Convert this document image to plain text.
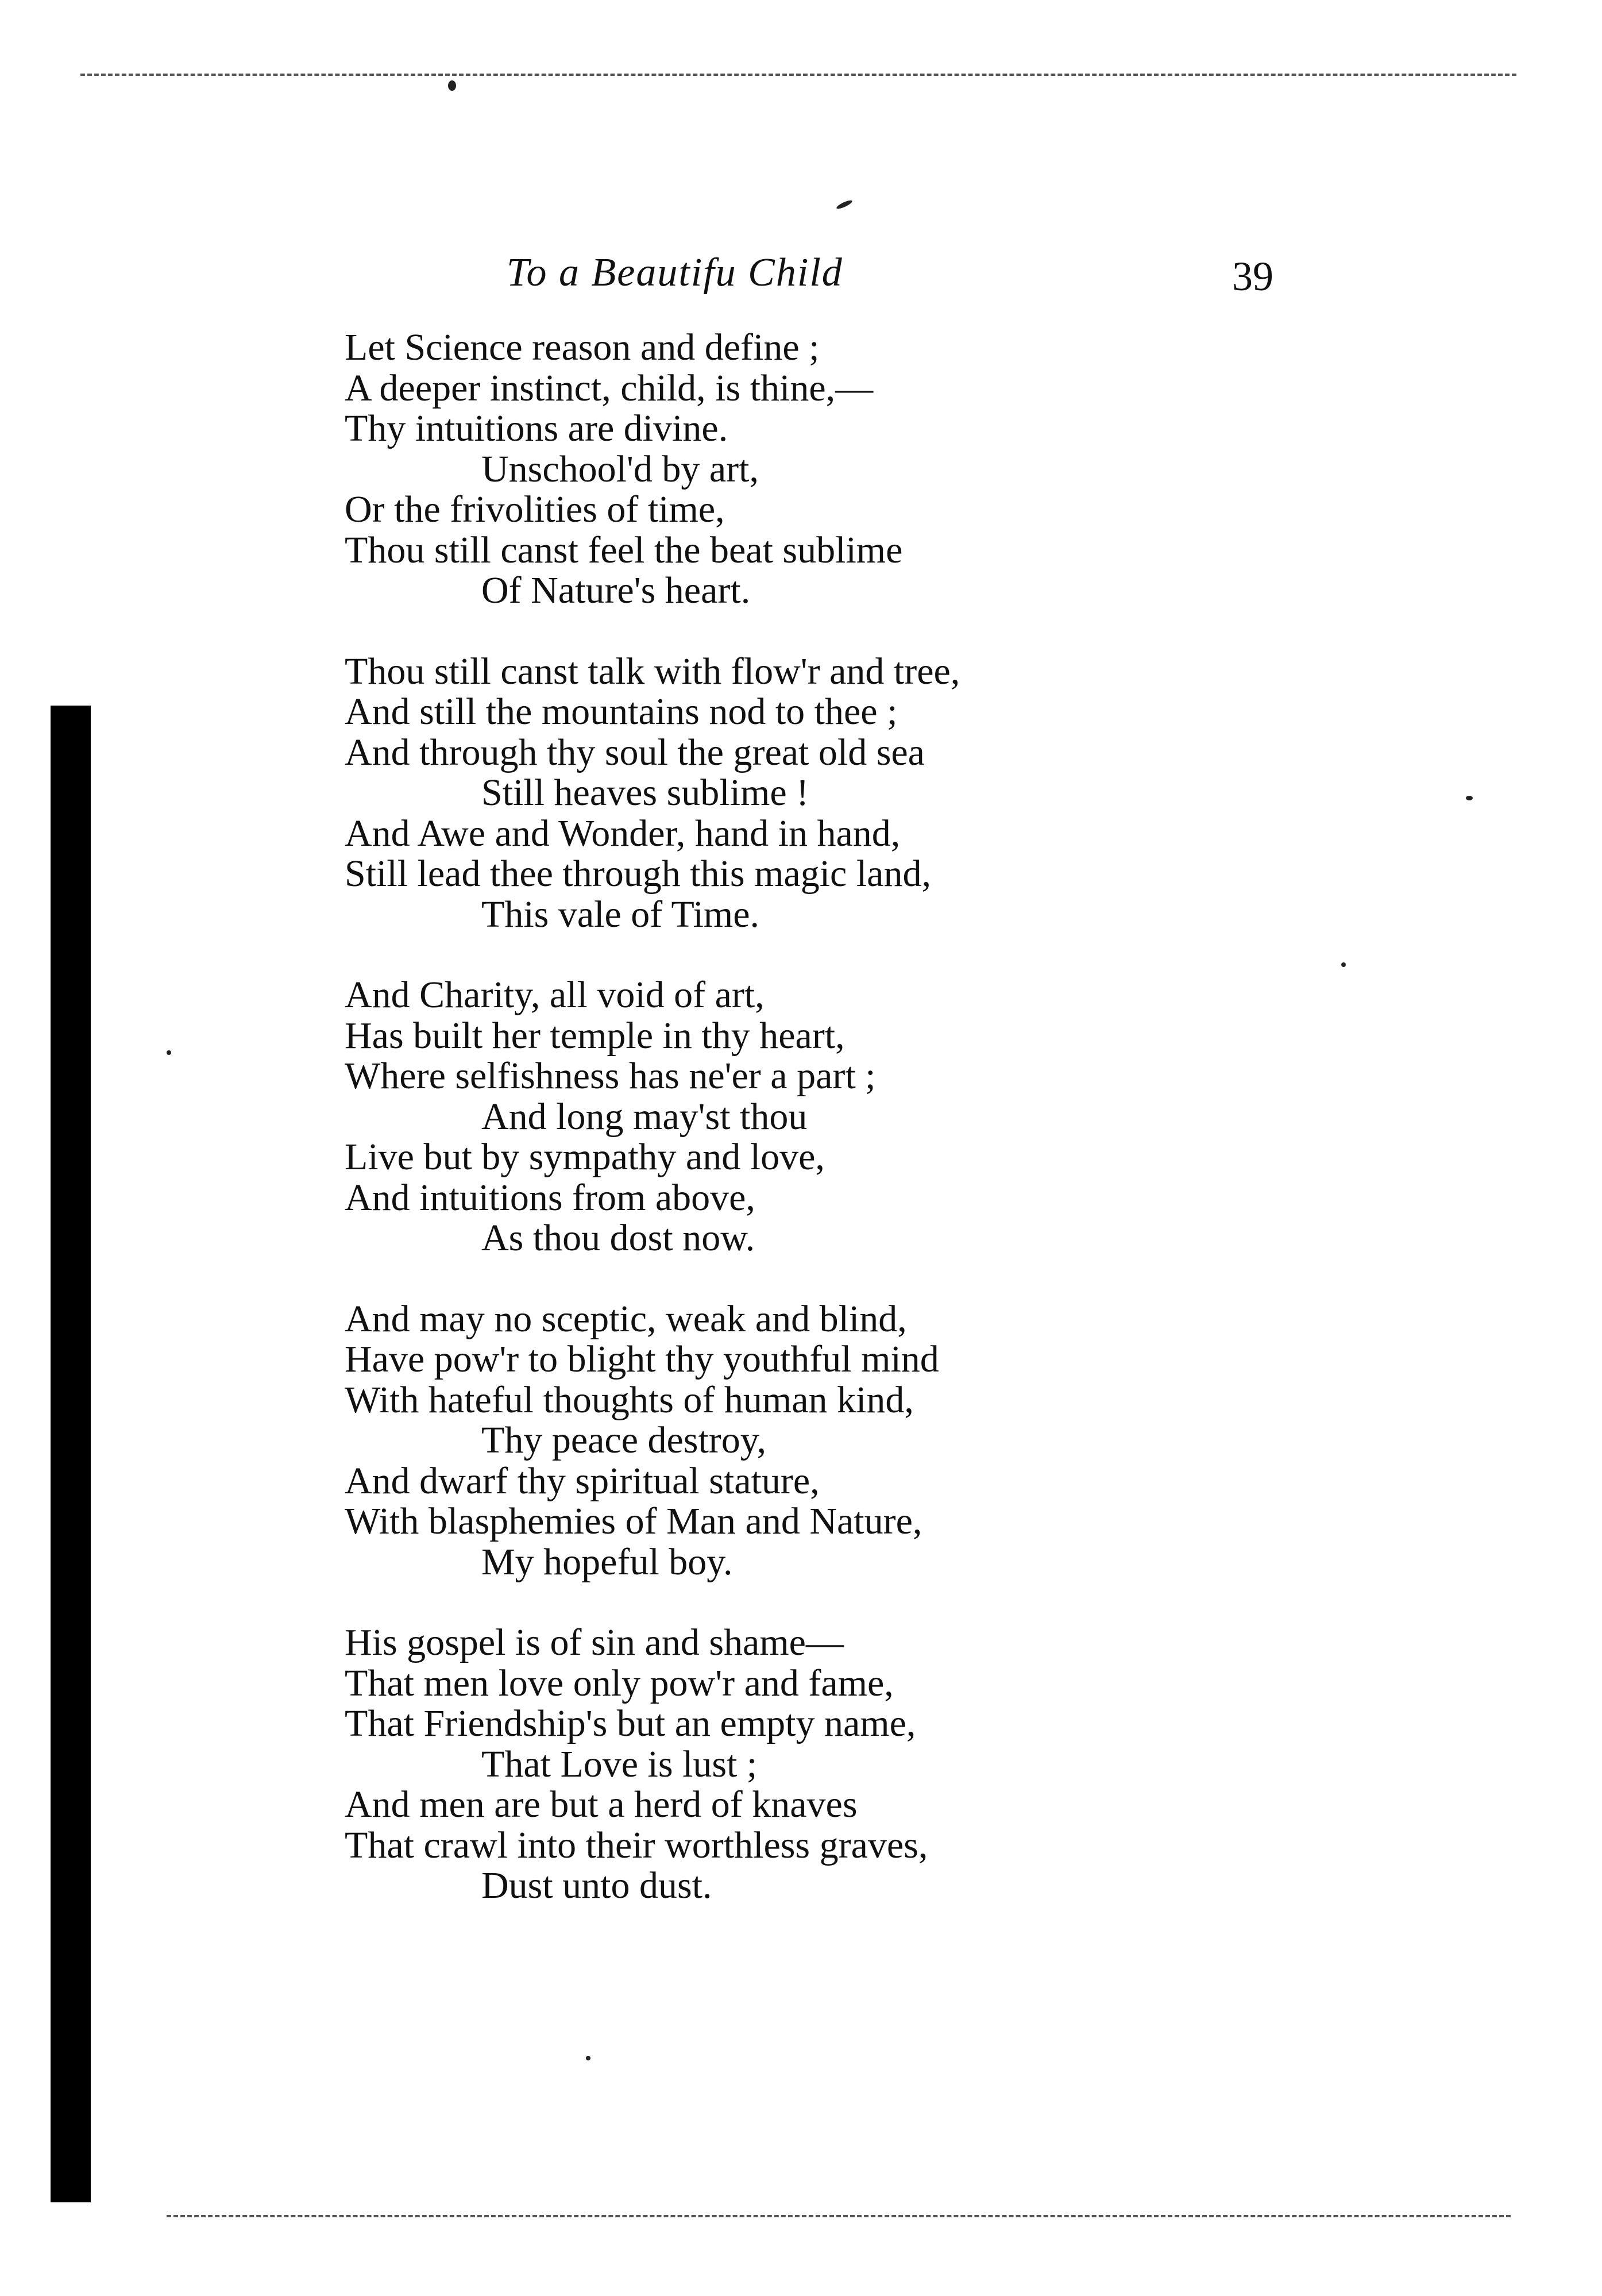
To a Beautifu Child	39
Let Science reason and define ;
A deeper instinct, child, is thine,—
Thy intuitions are divine.
Unschool'd by art,
Or the frivolities of time,
Thou still canst feel the beat sublime
Of Nature's heart.
Thou still canst talk with flow'r and tree,
And still the mountains nod to thee ;
And through thy soul the great old sea
Still heaves sublime !
And Awe and Wonder, hand in hand,
Still lead thee through this magic land,
This vale of Time.
And Charity, all void of art,
Has built her temple in thy heart,
Where selfishness has ne'er a part ;
And long may'st thou
Live but by sympathy and love,
And intuitions from above,
As thou dost now.
And may no sceptic, weak and blind,
Have pow'r to blight thy youthful mind
With hateful thoughts of human kind,
Thy peace destroy,
And dwarf thy spiritual stature,
With blasphemies of Man and Nature,
My hopeful boy.
His gospel is of sin and shame—
That men love only pow'r and fame,
That Friendship's but an empty name,
That Love is lust ;
And men are but a herd of knaves
That crawl into their worthless graves,
Dust unto dust.
